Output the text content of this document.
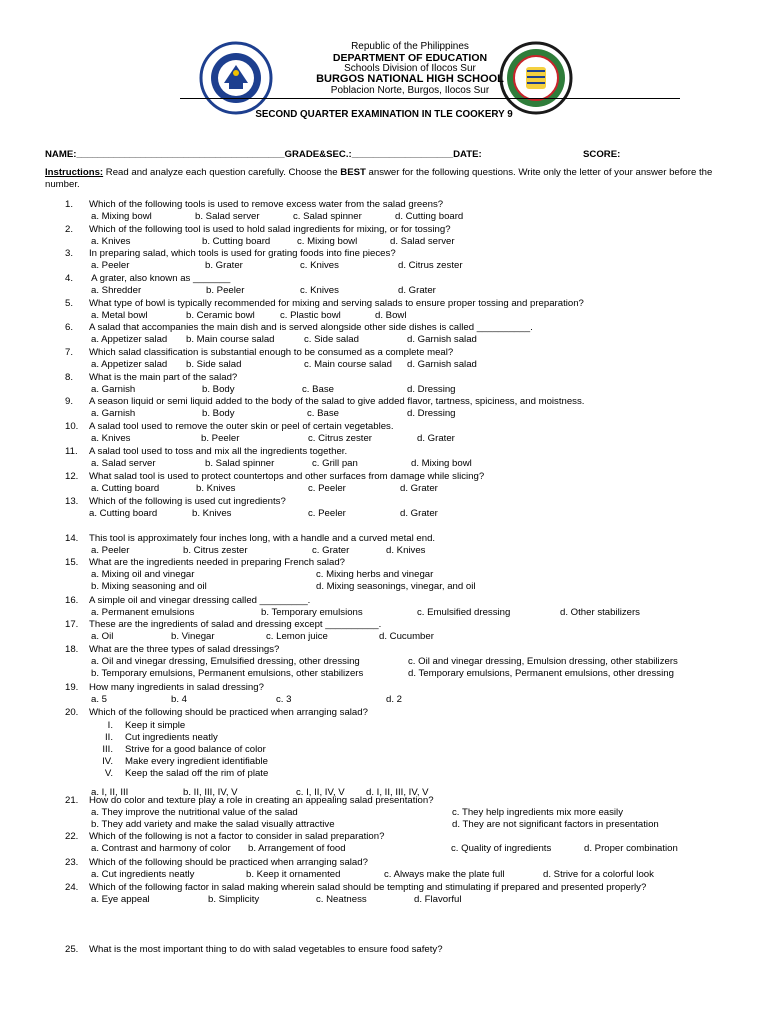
Republic of the Philippines
DEPARTMENT OF EDUCATION
Schools Division of Ilocos Sur
BURGOS NATIONAL HIGH SCHOOL
Poblacion Norte, Burgos, Ilocos Sur
SECOND QUARTER EXAMINATION IN TLE COOKERY 9
NAME:_______________________________________GRADE&SEC.:___________________DATE:	SCORE:
Instructions: Read and analyze each question carefully. Choose the BEST answer for the following questions. Write only the letter of your answer before the number.
1. Which of the following tools is used to remove excess water from the salad greens?
a. Mixing bowl	b. Salad server	c. Salad spinner	d. Cutting board
2. Which of the following tool is used to hold salad ingredients for mixing, or for tossing?
a. Knives	b. Cutting board	c. Mixing bowl	d. Salad server
3. In preparing salad, which tools is used for grating foods into fine pieces?
a. Peeler	b. Grater	c. Knives	d. Citrus zester
4. A grater, also known as _______
a. Shredder	b. Peeler	c. Knives	d. Grater
5. What type of bowl is typically recommended for mixing and serving salads to ensure proper tossing and preparation?
a. Metal bowl	b. Ceramic bowl	c. Plastic bowl	d. Bowl
6. A salad that accompanies the main dish and is served alongside other side dishes is called __________.
a. Appetizer salad b. Main course salad	c. Side salad	d. Garnish salad
7. Which salad classification is substantial enough to be consumed as a complete meal?
a. Appetizer salad b. Side salad	c. Main course salad d. Garnish salad
8. What is the main part of the salad?
a. Garnish	b. Body	c. Base	d. Dressing
9. A season liquid or semi liquid added to the body of the salad to give added flavor, tartness, spiciness, and moistness.
a. Garnish	b. Body	c. Base	d. Dressing
10. A salad tool used to remove the outer skin or peel of certain vegetables.
a. Knives	b. Peeler	c. Citrus zester	d. Grater
11. A salad tool used to toss and mix all the ingredients together.
a. Salad server	b. Salad spinner	c. Grill pan	d. Mixing bowl
12. What salad tool is used to protect countertops and other surfaces from damage while slicing?
a. Cutting board	b. Knives	c. Peeler	d. Grater
13. Which of the following is used cut ingredients?
a. Cutting board	b. Knives	c. Peeler	d. Grater
14. This tool is approximately four inches long, with a handle and a curved metal end.
a. Peeler	b. Citrus zester	c. Grater	d. Knives
15. What are the ingredients needed in preparing French salad?
a. Mixing oil and vinegar	c. Mixing herbs and vinegar
b. Mixing seasoning and oil	d. Mixing seasonings, vinegar, and oil
16. A simple oil and vinegar dressing called _________.
a. Permanent emulsions	b. Temporary emulsions	c. Emulsified dressing	d. Other stabilizers
17. These are the ingredients of salad and dressing except __________.
a. Oil	b. Vinegar	c. Lemon juice	d. Cucumber
18. What are the three types of salad dressings?
a. Oil and vinegar dressing, Emulsified dressing, other dressing	c. Oil and vinegar dressing, Emulsion dressing, other stabilizers
b. Temporary emulsions, Permanent emulsions, other stabilizers	d. Temporary emulsions, Permanent emulsions, other dressing
19. How many ingredients in salad dressing?
a. 5	b. 4	c. 3	d. 2
20. Which of the following should be practiced when arranging salad?
a. I, II, III	b. II, III, IV, V	c. I, II, IV, V d. I, II, III, IV, V
21. How do color and texture play a role in creating an appealing salad presentation?
a. They improve the nutritional value of the salad	c. They help ingredients mix more easily
b. They add variety and make the salad visually attractive	d. They are not significant factors in presentation
22. Which of the following is not a factor to consider in salad preparation?
a. Contrast and harmony of color b. Arrangement of food	c. Quality of ingredients	d. Proper combination
23. Which of the following should be practiced when arranging salad?
a. Cut ingredients neatly	b. Keep it ornamented	c. Always make the plate full	d. Strive for a colorful look
24. Which of the following factor in salad making wherein salad should be tempting and stimulating if prepared and presented properly?
a. Eye appeal	b. Simplicity	c. Neatness	d. Flavorful
25. What is the most important thing to do with salad vegetables to ensure food safety?
I. Keep it simple
II. Cut ingredients neatly
III. Strive for a good balance of color
IV. Make every ingredient identifiable
V. Keep the salad off the rim of plate
